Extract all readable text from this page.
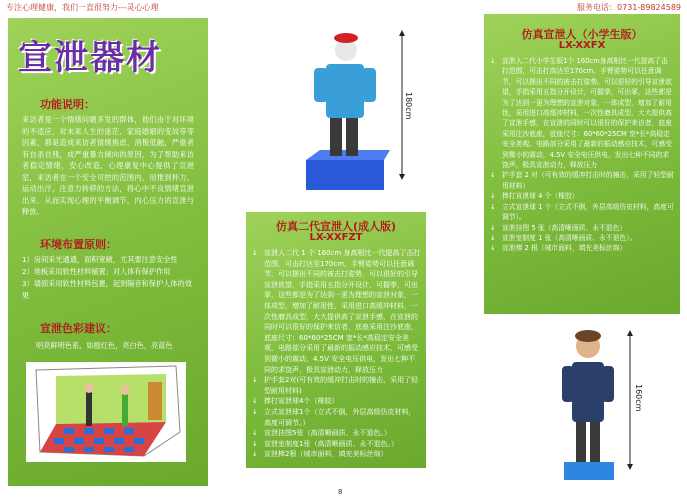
专注心理健康，我们一直很努力---灵心心理	服务电话：0731-89824589
宣泄器材
功能说明：
来访者是一个情绪问题多发的群体，他们由于对环境的不适应、对未来人生的迷茫、家庭婚姻的变故等等因素，都是造成来访者情绪焦虑、消极低触，严重者有自杀自残，成严重暴力倾向的原因，为了帮助来访者稳定情绪，安心改造，心理康复中心提供了宣泄室，来访者在一个安全可控的范围内，用推到杯力，运动出汗，注意力转移的方法，将心中不良情绪宣泄出来，从而实现心理的平衡调节，内心压力的宣泄与释放。
环境布置原则：
1）房间采光通通，面积宽敞，尤其要注意安全性
2）地板采用软性材料铺置；对人体有保护作用
3）墙面采用软性材料包裹，起到隔音和保护人体的效果
宣泄色彩建议：
明亮鲜明色系，如橙红色，亮白色，亮蓝色
180cm
仿真二代宣泄人(成人版)
LX-XXFZT
↓ 宣泄人二代 1 个 160cm 身高相比一代提高了击打范围，可击打达至170cm，手臂姿势可以任意调节，可以摆出不同的被击打姿势，可以很好的引导宣泄欲望，手指采用五指分开设计，可握拳，可出掌，这些都是为了达到一更为理想的宣泄对象，一体成型，增加了耐用性，采用进口高缓冲材料，一次性磨具成型，大大提供高了宣泄手感，在宣泄的同时可以很好的保护来访者，底座采用注沙底座，底座尺寸：60*60*25CM 宽*长*高稳定安全美观，电路部分采用了最新的振动感应技术，可感受到微小的震动，4.5V 安全电压供电，发出七种不同的求饶声，极具宣泄动力，释放压力
↓ 护手套2对(可有效的缓冲打击时的撞击，采用了轻型耐用材料)
↓ 捧打宣泄球4个（橡胶）
↓ 立式宣泄球1个（立式不倒，外层高级仿皮材料，高度可调节。）
↓ 宣泄挂图5张（高清晰画质、永不退色。）
↓ 宣泄室制度1张（高清晰画质、永不退色。）
↓ 宣泄棒2根（城市面料，填充美标丝绵）
仿真宣泄人（小学生版）
LX-XXFX
↓ 宣泄人二代小学生版1个 160cm身高相比一代提高了击打范围，可击打高达至170cm。手臂姿势可以任意调节，可以摆出不同的被击打姿势。可以很好的引导宣泄欲望，手指采用五指分开设计，可握拳，可出掌，这些都是为了达到一更为理想的宣泄对象，一体成型，增加了耐用性，采用进口高缓冲材料，一次性磨具成型，大大提供高了宣泄手感，在宣泄的同时可以很好的保护来访者，底座采用注沙底座，底座尺寸：60*60*25CM 宽*长*高稳定安全美观。电路部分采用了最新的振动感应技术，可感受到微小的震动，4.5V 安全电压供电，发出七种不同的求饶声，极具宣泄动力，释放压力
↓ 护手套 2 对（可有效的缓冲打击时的撞击，采用了轻型耐用材料）
↓ 捧打宣泄球 4 个（橡胶）
↓ 立式宣泄球 1 个（立式不倒，外层高级仿皮材料，高度可调节）。
↓ 宣泄挂图 5 张（高清晰画质、永不退色）
↓ 宣泄室制度 1 张（高清晰画质、永不退色）。
↓ 宣泄棒 2 根（城市面料，填充美标丝绵）
160cm
8
